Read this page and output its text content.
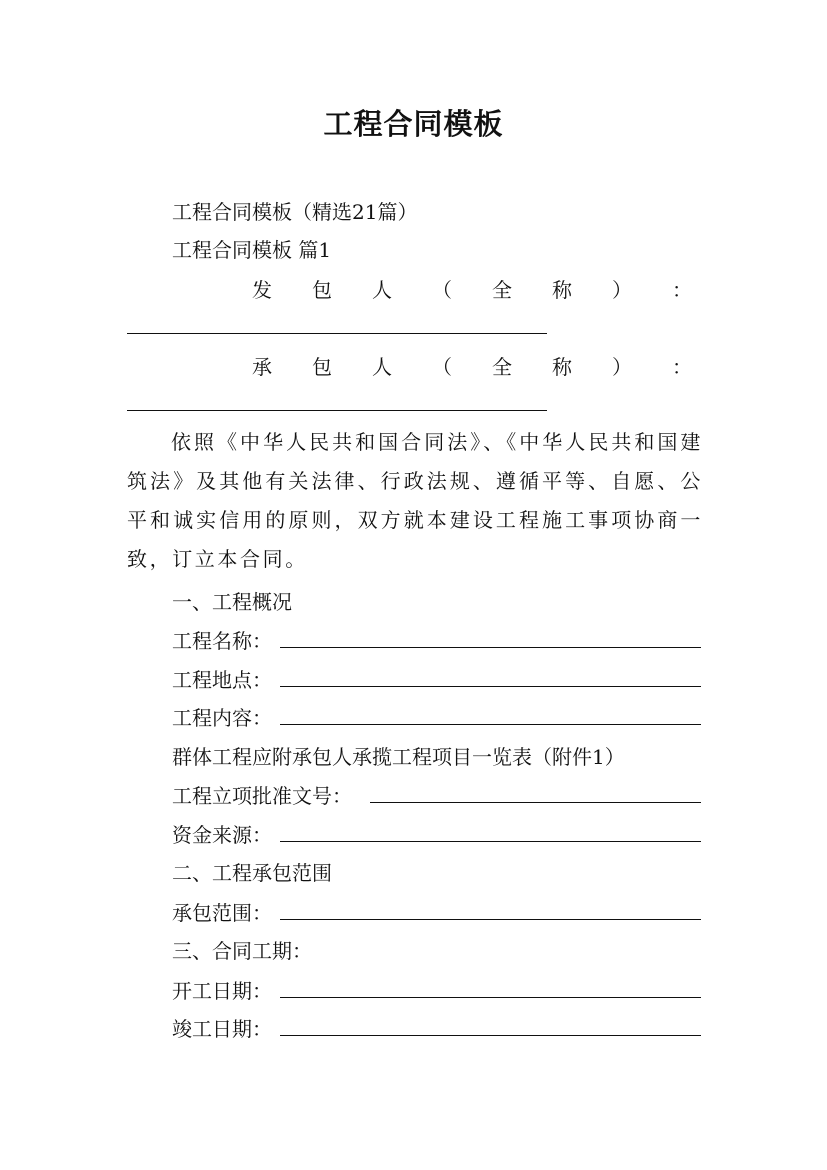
工程合同模板
工程合同模板（精选21篇）
工程合同模板 篇1
发 包 人 （ 全 称 ） ：
承 包 人 （ 全 称 ） ：
依照《中华人民共和国合同法》、《中华人民共和国建筑法》及其他有关法律、行政法规、遵循平等、自愿、公平和诚实信用的原则，双方就本建设工程施工事项协商一致，订立本合同。
一、工程概况
工程名称：
工程地点：
工程内容：
群体工程应附承包人承揽工程项目一览表（附件1）
工程立项批准文号：
资金来源：
二、工程承包范围
承包范围：
三、合同工期：
开工日期：
竣工日期：
